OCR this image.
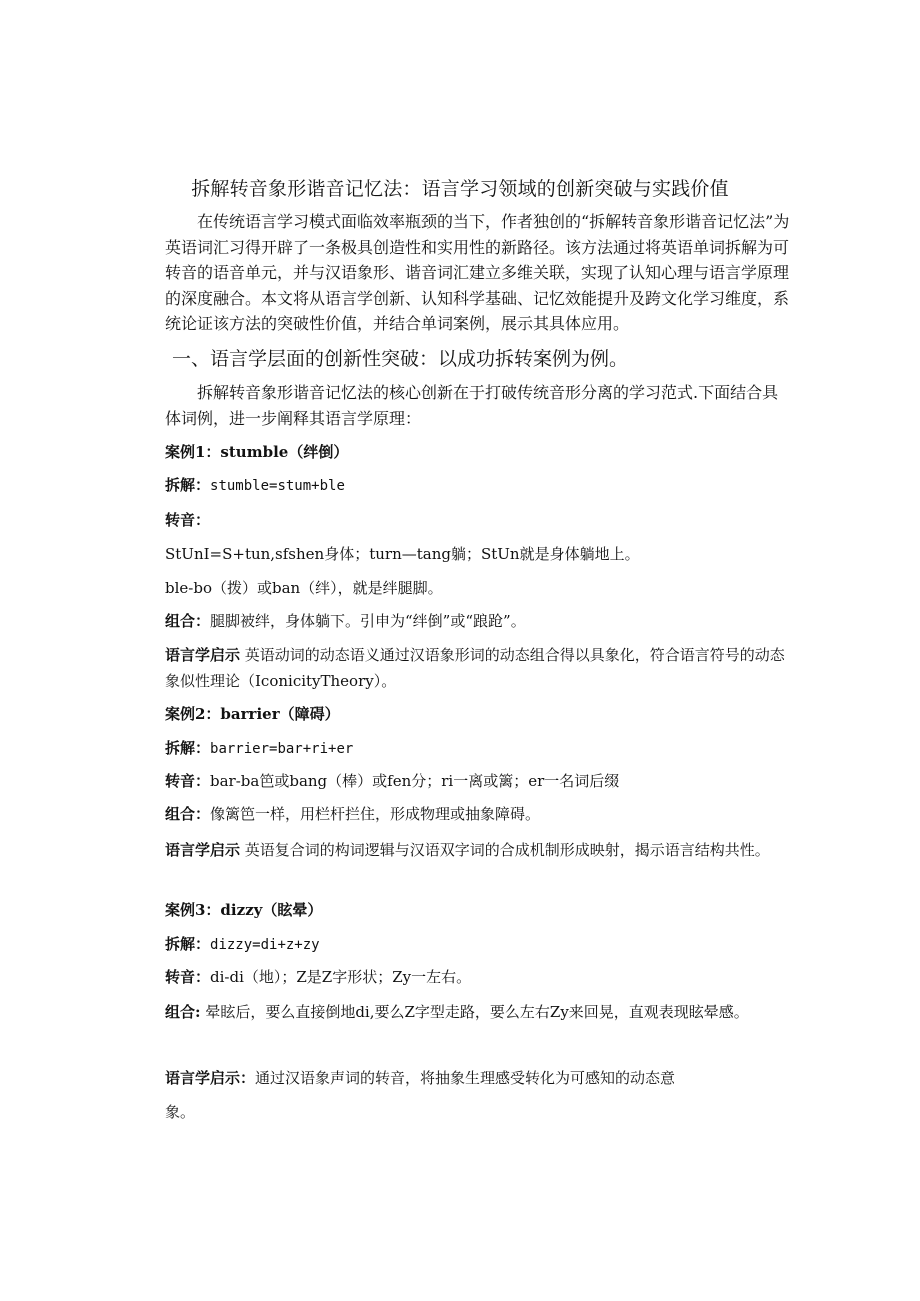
拆解转音象形谐音记忆法：语言学习领域的创新突破与实践价值

　　在传统语言学习模式面临效率瓶颈的当下，作者独创的“拆解转音象形谐音记忆法”为英语词汇习得开辟了一条极具创造性和实用性的新路径。该方法通过将英语单词拆解为可转音的语音单元，并与汉语象形、谐音词汇建立多维关联，实现了认知心理与语言学原理的深度融合。本文将从语言学创新、认知科学基础、记忆效能提升及跨文化学习维度，系统论证该方法的突破性价值，并结合单词案例，展示其具体应用。

一、语言学层面的创新性突破：以成功拆转案例为例。

　　拆解转音象形谐音记忆法的核心创新在于打破传统音形分离的学习范式.下面结合具体词例，进一步阐释其语言学原理：

案例1：stumble（绊倒）
拆解：stumble=stum+ble
转音：
StUnI=S+tun,sfshen身体；turn—tang躺；StUn就是身体躺地上。
ble-bo（拨）或ban（绊），就是绊腿脚。
组合：腿脚被绊，身体躺下。引申为“绊倒”或“踉跄”。

语言学启示 英语动词的动态语义通过汉语象形词的动态组合得以具象化，符合语言符号的动态象似性理论（IconicityTheory）。

案例2：barrier（障碍）
拆解：barrier=bar+ri+er
转音：bar-ba笆或bang（棒）或fen分；ri一离或篱；er一名词后缀
组合：像篱笆一样，用栏杆拦住，形成物理或抽象障碍。

语言学启示 英语复合词的构词逻辑与汉语双字词的合成机制形成映射，揭示语言结构共性。

案例3：dizzy（眩晕）
拆解：dizzy=di+z+zy
转音：di-di（地）；Z是Z字形状；Zy一左右。

组合: 晕眩后，要么直接倒地di,要么Z字型走路，要么左右Zy来回晃，直观表现眩晕感。

语言学启示：通过汉语象声词的转音，将抽象生理感受转化为可感知的动态意
象。
